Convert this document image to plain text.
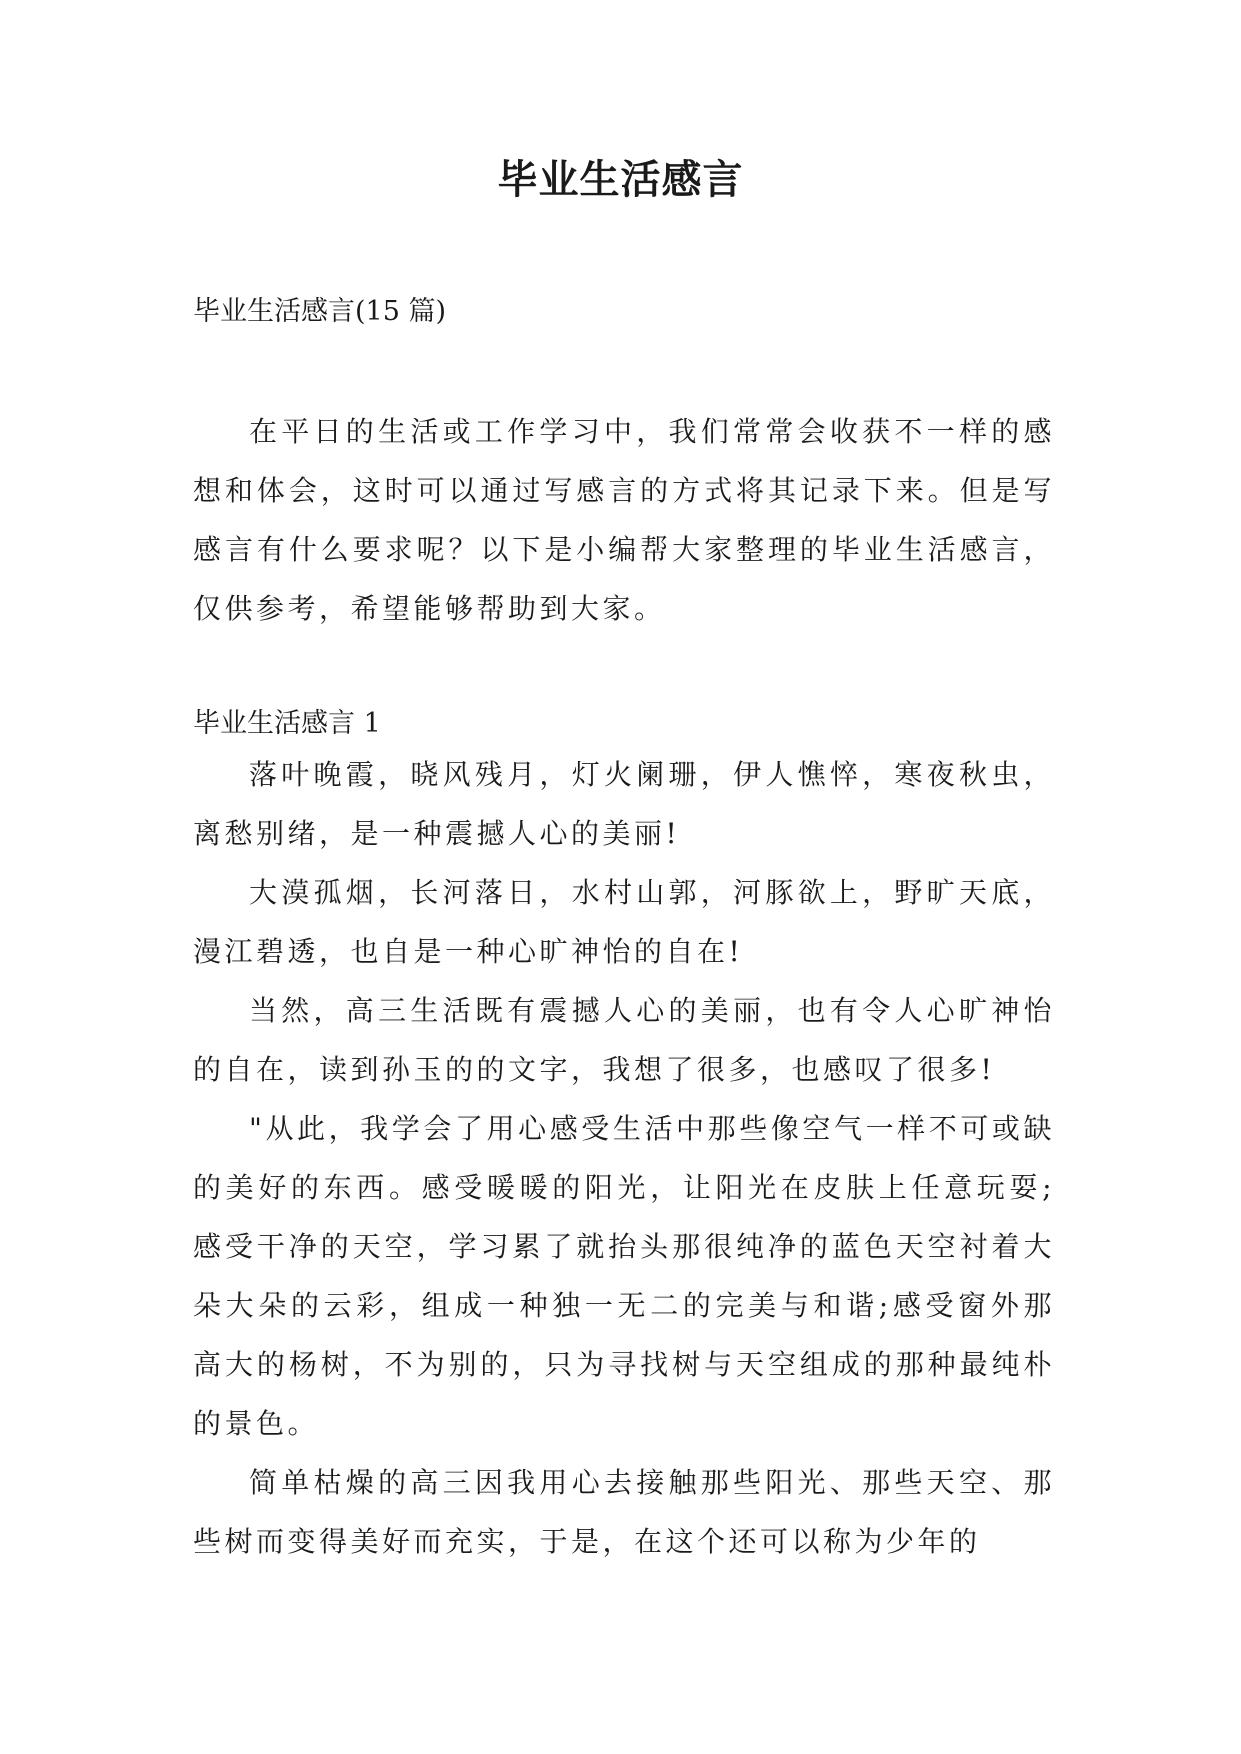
毕业生活感言
毕业生活感言(15 篇)

在平日的生活或工作学习中，我们常常会收获不一样的感想和体会，这时可以通过写感言的方式将其记录下来。但是写感言有什么要求呢？以下是小编帮大家整理的毕业生活感言，仅供参考，希望能够帮助到大家。

毕业生活感言 1

落叶晚霞，晓风残月，灯火阑珊，伊人憔悴，寒夜秋虫，离愁别绪，是一种震撼人心的美丽!

大漠孤烟，长河落日，水村山郭，河豚欲上，野旷天底，漫江碧透，也自是一种心旷神怡的自在!

当然，高三生活既有震撼人心的美丽，也有令人心旷神怡的自在，读到孙玉的的文字，我想了很多，也感叹了很多!

"从此，我学会了用心感受生活中那些像空气一样不可或缺的美好的东西。感受暖暖的阳光，让阳光在皮肤上任意玩耍;感受干净的天空，学习累了就抬头那很纯净的蓝色天空衬着大朵大朵的云彩，组成一种独一无二的完美与和谐;感受窗外那高大的杨树，不为别的，只为寻找树与天空组成的那种最纯朴的景色。

简单枯燥的高三因我用心去接触那些阳光、那些天空、那些树而变得美好而充实，于是，在这个还可以称为少年的
